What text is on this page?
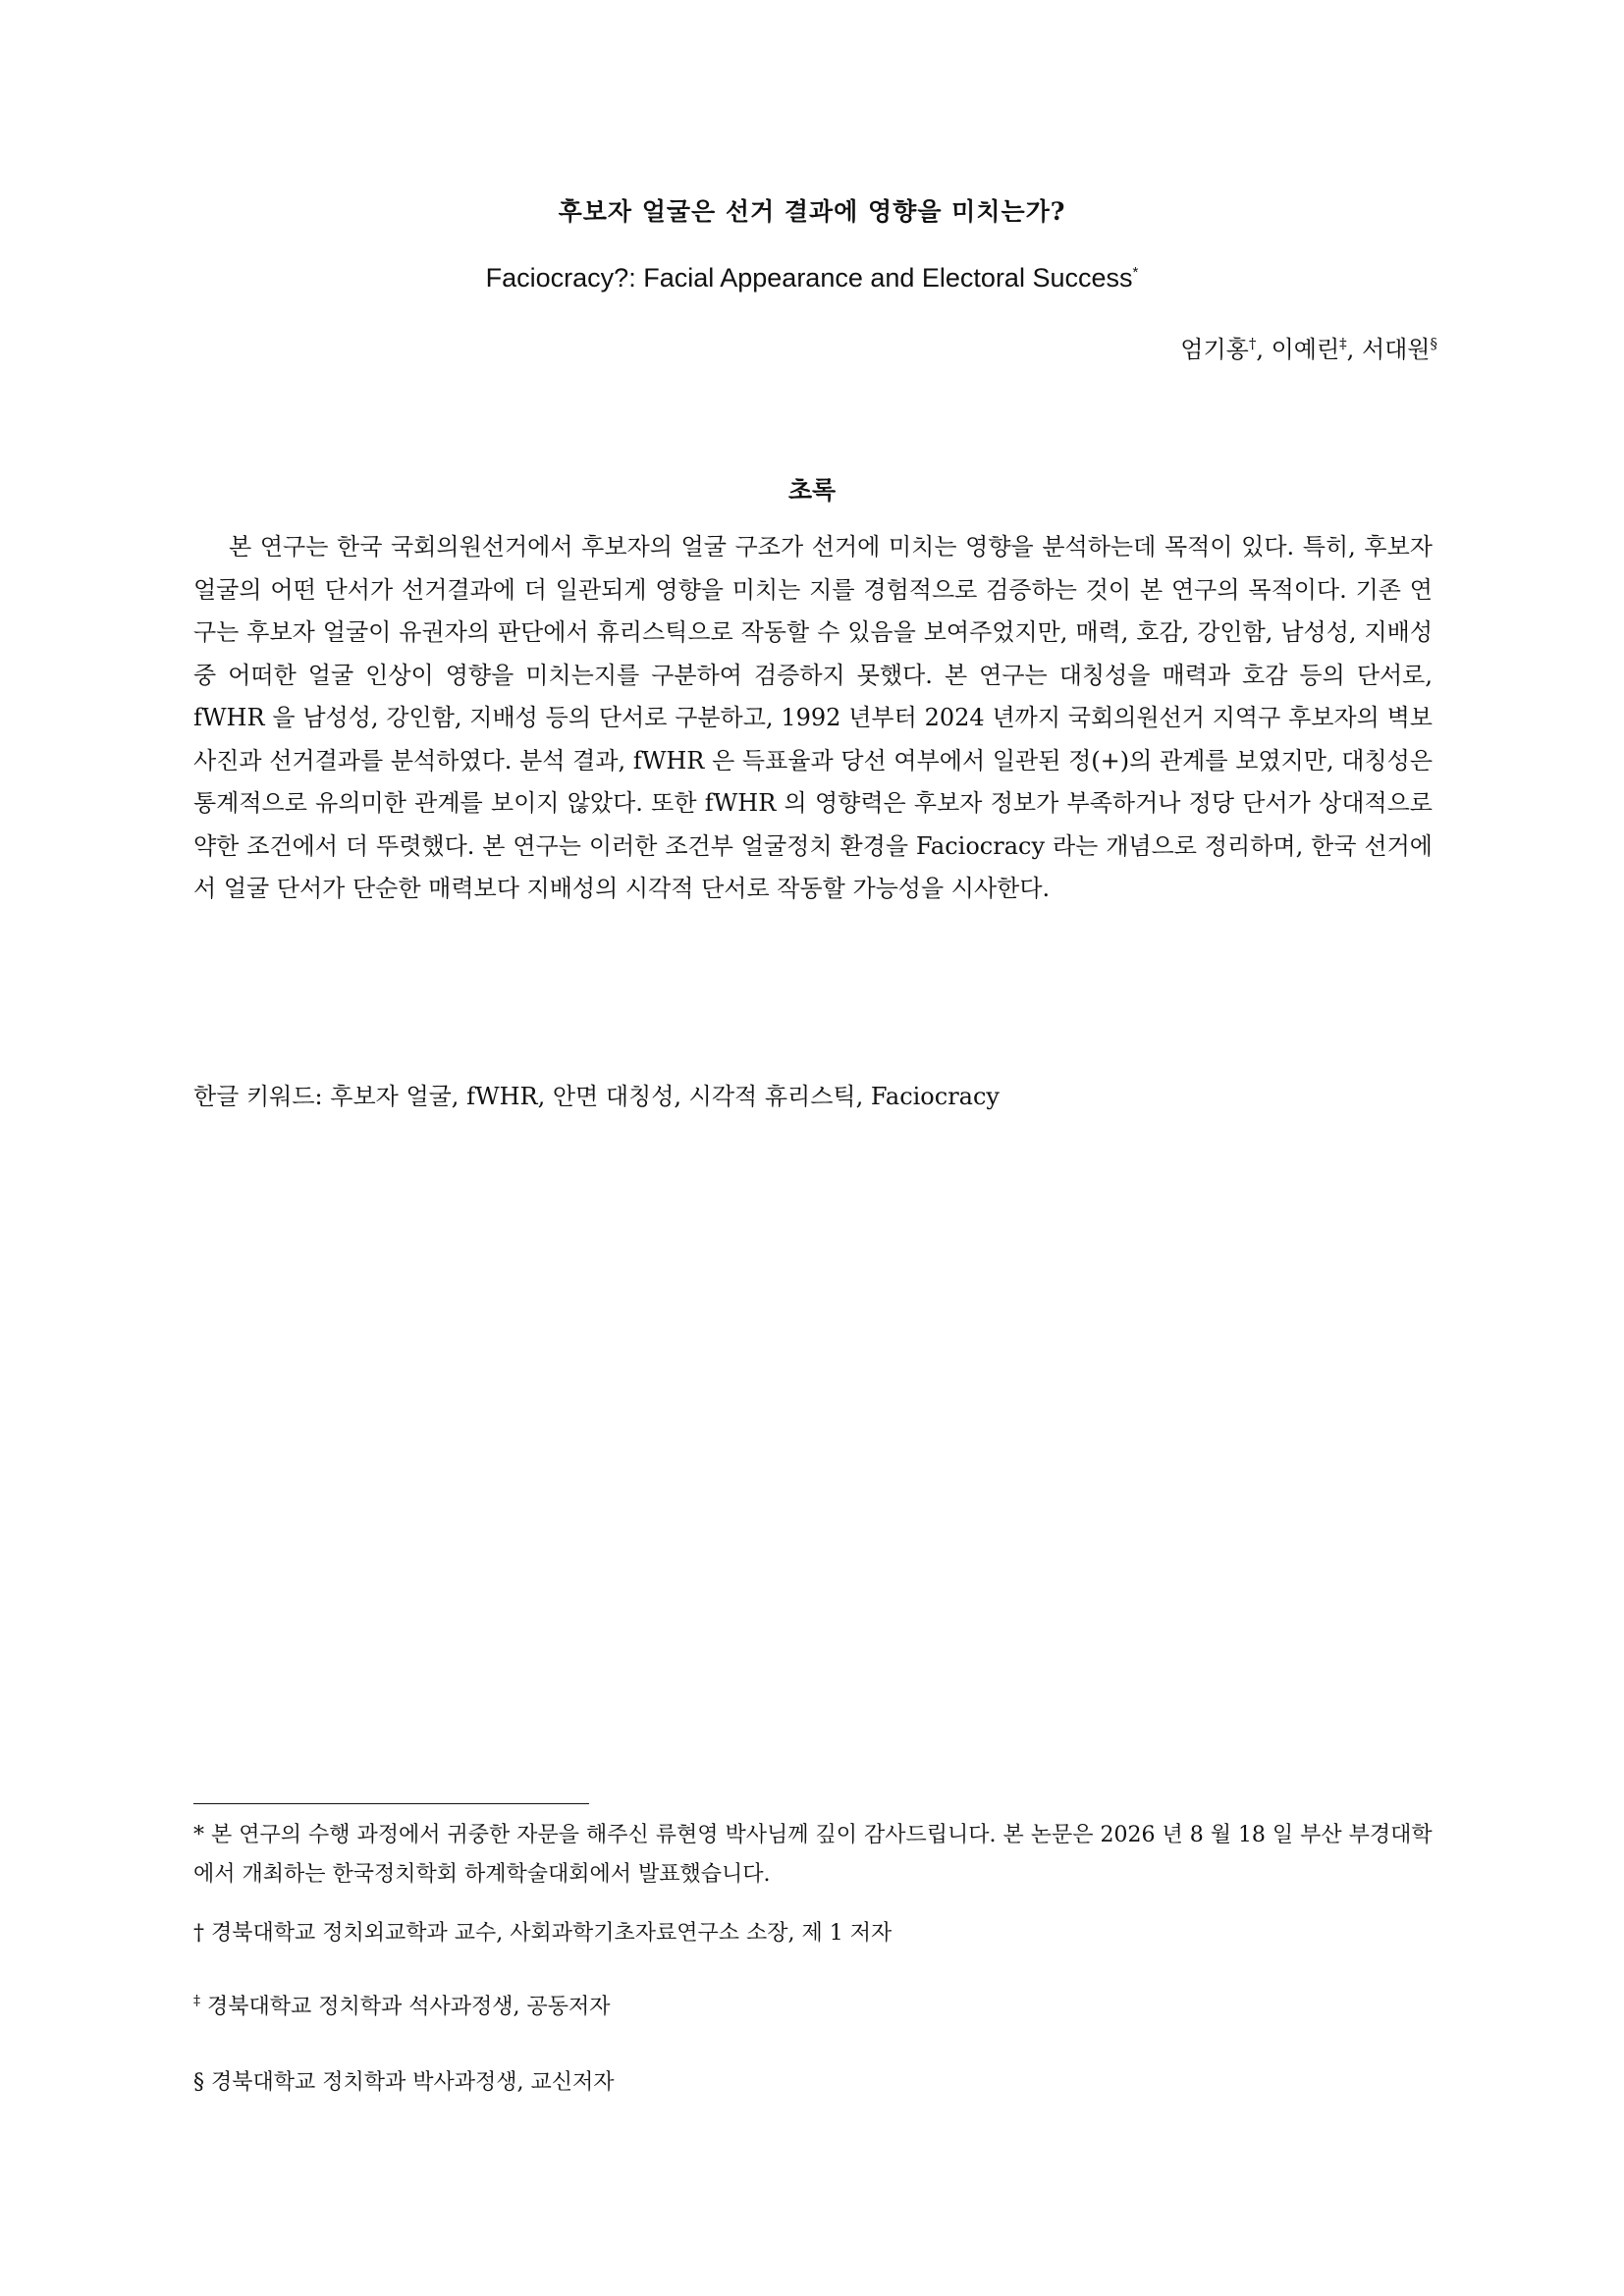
후보자 얼굴은 선거 결과에 영향을 미치는가?
Faciocracy?: Facial Appearance and Electoral Success*
엄기홍†, 이예린‡, 서대원§
초록

본 연구는 한국 국회의원선거에서 후보자의 얼굴 구조가 선거에 미치는 영향을 분석하는데 목적이 있다. 특히, 후보자 얼굴의 어떤 단서가 선거결과에 더 일관되게 영향을 미치는 지를 경험적으로 검증하는 것이 본 연구의 목적이다. 기존 연구는 후보자 얼굴이 유권자의 판단에서 휴리스틱으로 작동할 수 있음을 보여주었지만, 매력, 호감, 강인함, 남성성, 지배성 중 어떠한 얼굴 인상이 영향을 미치는지를 구분하여 검증하지 못했다. 본 연구는 대칭성을 매력과 호감 등의 단서로, fWHR 을 남성성, 강인함, 지배성 등의 단서로 구분하고, 1992 년부터 2024 년까지 국회의원선거 지역구 후보자의 벽보 사진과 선거결과를 분석하였다. 분석 결과, fWHR 은 득표율과 당선 여부에서 일관된 정(+)의 관계를 보였지만, 대칭성은 통계적으로 유의미한 관계를 보이지 않았다. 또한 fWHR 의 영향력은 후보자 정보가 부족하거나 정당 단서가 상대적으로 약한 조건에서 더 뚜렷했다. 본 연구는 이러한 조건부 얼굴정치 환경을 Faciocracy 라는 개념으로 정리하며, 한국 선거에서 얼굴 단서가 단순한 매력보다 지배성의 시각적 단서로 작동할 가능성을 시사한다.

한글 키워드: 후보자 얼굴, fWHR, 안면 대칭성, 시각적 휴리스틱, Faciocracy

* 본 연구의 수행 과정에서 귀중한 자문을 해주신 류현영 박사님께 깊이 감사드립니다. 본 논문은 2026 년 8 월 18 일 부산 부경대학에서 개최하는 한국정치학회 하계학술대회에서 발표했습니다.

† 경북대학교 정치외교학과 교수, 사회과학기초자료연구소 소장, 제 1 저자

‡ 경북대학교 정치학과 석사과정생, 공동저자

§ 경북대학교 정치학과 박사과정생, 교신저자
